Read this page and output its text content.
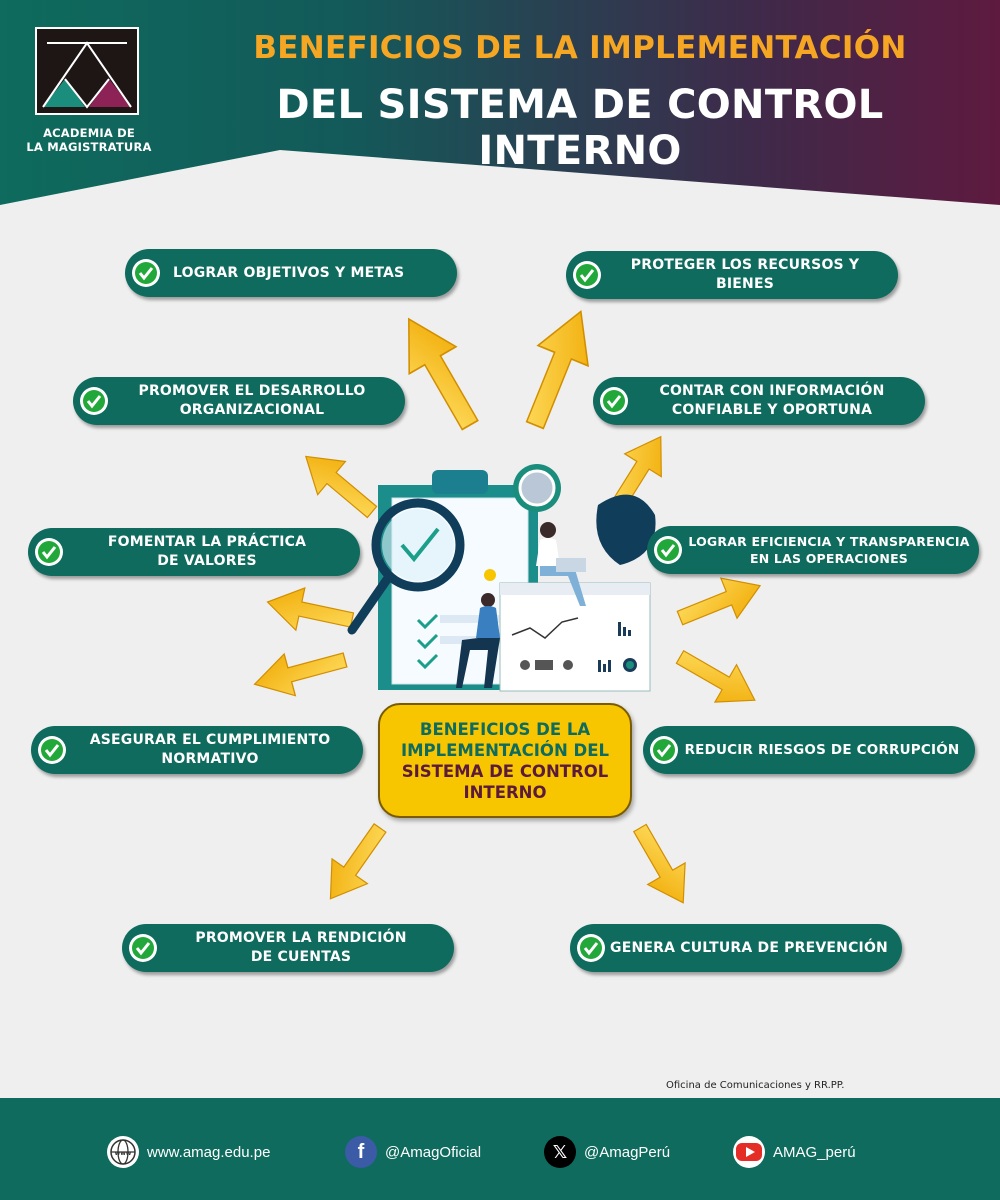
ACADEMIA DE
LA MAGISTRATURA
BENEFICIOS DE LA IMPLEMENTACIÓN
DEL SISTEMA DE CONTROL INTERNO
LOGRAR OBJETIVOS Y METAS	PROTEGER LOS RECURSOS Y BIENES
PROMOVER EL DESARROLLO
ORGANIZACIONAL
CONTAR CON INFORMACIÓN
CONFIABLE Y OPORTUNA
FOMENTAR LA PRÁCTICA
DE VALORES
LOGRAR EFICIENCIA Y TRANSPARENCIA
EN LAS OPERACIONES
ASEGURAR EL CUMPLIMIENTO
NORMATIVO
REDUCIR RIESGOS DE CORRUPCIÓN
PROMOVER LA RENDICIÓN
DE CUENTAS
GENERA CULTURA DE PREVENCIÓN
BENEFICIOS DE LA
IMPLEMENTACIÓN DEL
SISTEMA DE CONTROL
INTERNO
Oficina de Comunicaciones y RR.PP.
www www.amag.edu.pe	f @AmagOficial	𝕏 @AmagPerú	AMAG_perú
